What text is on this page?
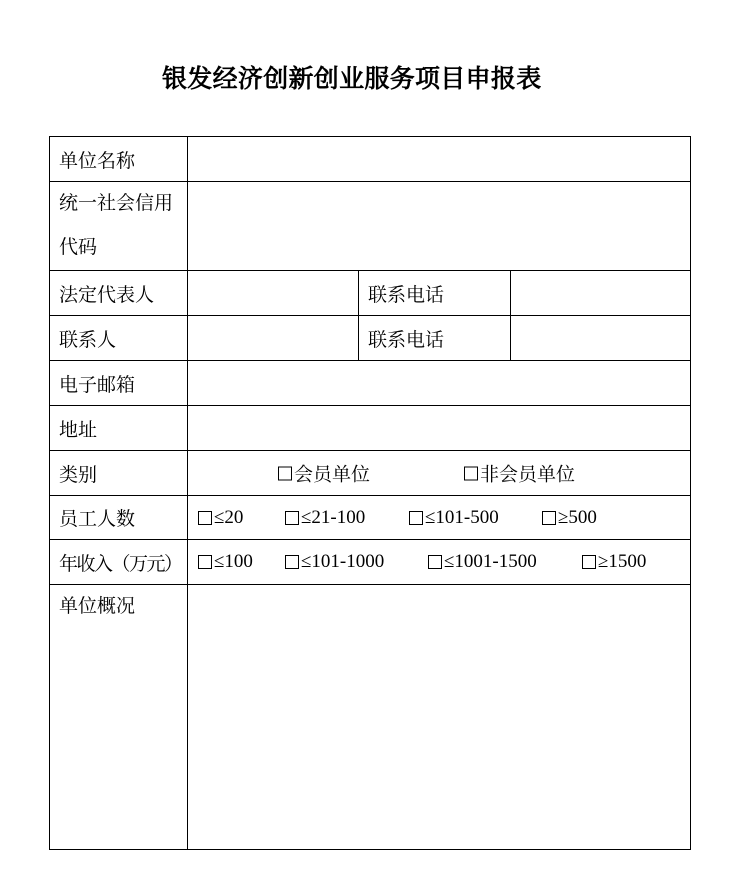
银发经济创新创业服务项目申报表
单位名称
统一社会信用代码
法定代表人	联系电话
联系人	联系电话
电子邮箱
地址
类别	会员单位	非会员单位
员工人数	≤20	≤21-100	≤101-500	≥500
年收入（万元）	≤100	≤101-1000	≤1001-1500	≥1500
单位概况
